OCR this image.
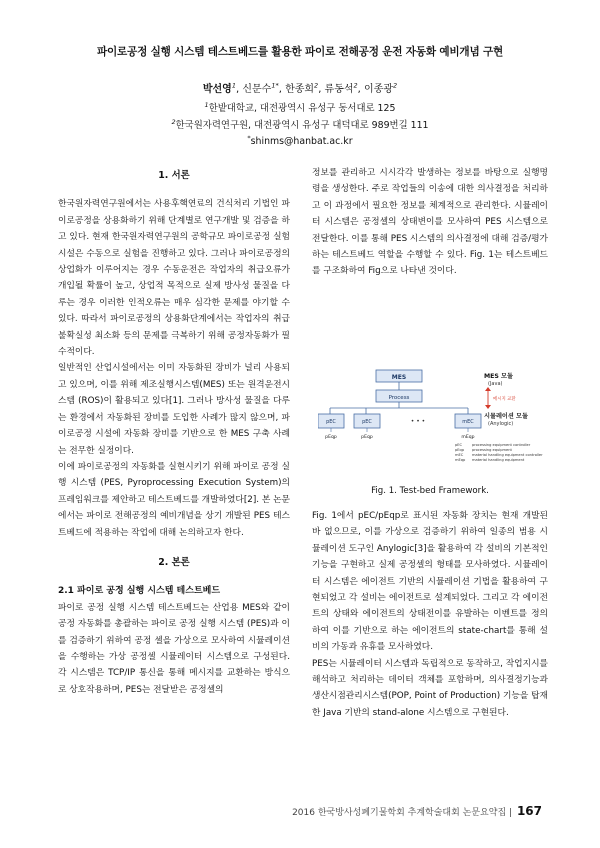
파이로공정 실행 시스템 테스트베드를 활용한 파이로 전해공정 운전 자동화 예비개념 구현
박선영$^1$, 신문수$^{1*}$, 한종희$^2$, 류동석$^2$, 이종광$^2$
$^1$한밭대학교, 대전광역시 유성구 동서대로 125
$^2$한국원자력연구원, 대전광역시 유성구 대덕대로 989번길 111
*shinms@hanbat.ac.kr
1. 서론

한국원자력연구원에서는 사용후핵연료의 건식처리 기법인 파이로공정을 상용화하기 위해 단계별로 연구개발 및 검증을 하고 있다. 현재 한국원자력연구원의 공학규모 파이로공정 실험시설은 수동으로 실험을 진행하고 있다. 그러나 파이로공정의 상업화가 이루어지는 경우 수동운전은 작업자의 취급오류가 개입될 확률이 높고, 상업적 목적으로 실제 방사성 물질을 다루는 경우 이러한 인적오류는 매우 심각한 문제를 야기할 수 있다. 따라서 파이로공정의 상용화단계에서는 작업자의 취급불확실성 최소화 등의 문제를 극복하기 위해 공정자동화가 필수적이다.

일반적인 산업시설에서는 이미 자동화된 장비가 널리 사용되고 있으며, 이를 위해 제조실행시스템(MES) 또는 원격운전시스템 (ROS)이 활용되고 있다[1]. 그러나 방사성 물질을 다루는 환경에서 자동화된 장비를 도입한 사례가 많지 않으며, 파이로공정 시설에 자동화 장비를 기반으로 한 MES 구축 사례는 전무한 실정이다.

이에 파이로공정의 자동화를 실현시키기 위해 파이로 공정 실행 시스템 (PES, Pyroprocessing Execution System)의 프레임워크를 제안하고 테스트베드를 개발하였다[2]. 본 논문에서는 파이로 전해공정의 예비개념을 상기 개발된 PES 테스트베드에 적용하는 작업에 대해 논의하고자 한다.

2. 본론
2.1 파이로 공정 실행 시스템 테스트베드

파이로 공정 실행 시스템 테스트베드는 산업용 MES와 같이 공정 자동화를 총괄하는 파이로 공정 실행 시스템 (PES)과 이를 검증하기 위하여 공정 셀을 가상으로 모사하여 시뮬레이션을 수행하는 가상 공정셀 시뮬레이터 시스템으로 구성된다. 각 시스템은 TCP/IP 통신을 통해 메시지를 교환하는 방식으로 상호작용하며, PES는 전달받은 공정셀의

정보를 관리하고 시시각각 발생하는 정보를 바탕으로 실행명령을 생성한다. 주로 작업들의 이송에 대한 의사결정을 처리하고 이 과정에서 필요한 정보를 체계적으로 관리한다. 시뮬레이터 시스템은 공정셀의 상태변이를 모사하여 PES 시스템으로 전달한다. 이를 통해 PES 시스템의 의사결정에 대해 검증/평가하는 테스트베드 역할을 수행할 수 있다. Fig. 1는 테스트베드를 구조화하여 Fig으로 나타낸 것이다.

MES
Process
pEC	pEC	• • •	mEC
pEqp	pEqp	mEqp
MES 모듈
(Java)
메시지 교환
시뮬레이션 모듈
(Anylogic)
pEC	processing equipment controller
pEqp processing equipment
mEC material handling equipment controller
mEqp material handling equipment
Fig. 1. Test-bed Framework.

Fig. 1에서 pEC/pEqp로 표시된 자동화 장치는 현재 개발된 바 없으므로, 이를 가상으로 검증하기 위하여 일종의 범용 시뮬레이션 도구인 Anylogic[3]을 활용하여 각 설비의 기본적인 기능을 구현하고 실제 공정셀의 형태를 모사하였다. 시뮬레이터 시스템은 에이전트 기반의 시뮬레이션 기법을 활용하여 구현되었고 각 설비는 에이전트로 설계되었다. 그리고 각 에이전트의 상태와 에이전트의 상태전이를 유발하는 이벤트를 정의하여 이를 기반으로 하는 에이전트의 state-chart를 통해 설비의 가동과 유휴를 모사하였다.

PES는 시뮬레이터 시스템과 독립적으로 동작하고, 작업지시를 해석하고 처리하는 데이터 객체를 포함하며, 의사결정기능과 생산시점관리시스템(POP, Point of Production) 기능을 탑재한 Java 기반의 stand-alone 시스템으로 구현된다.

2016 한국방사성폐기물학회 추계학술대회 논문요약집 | 167
